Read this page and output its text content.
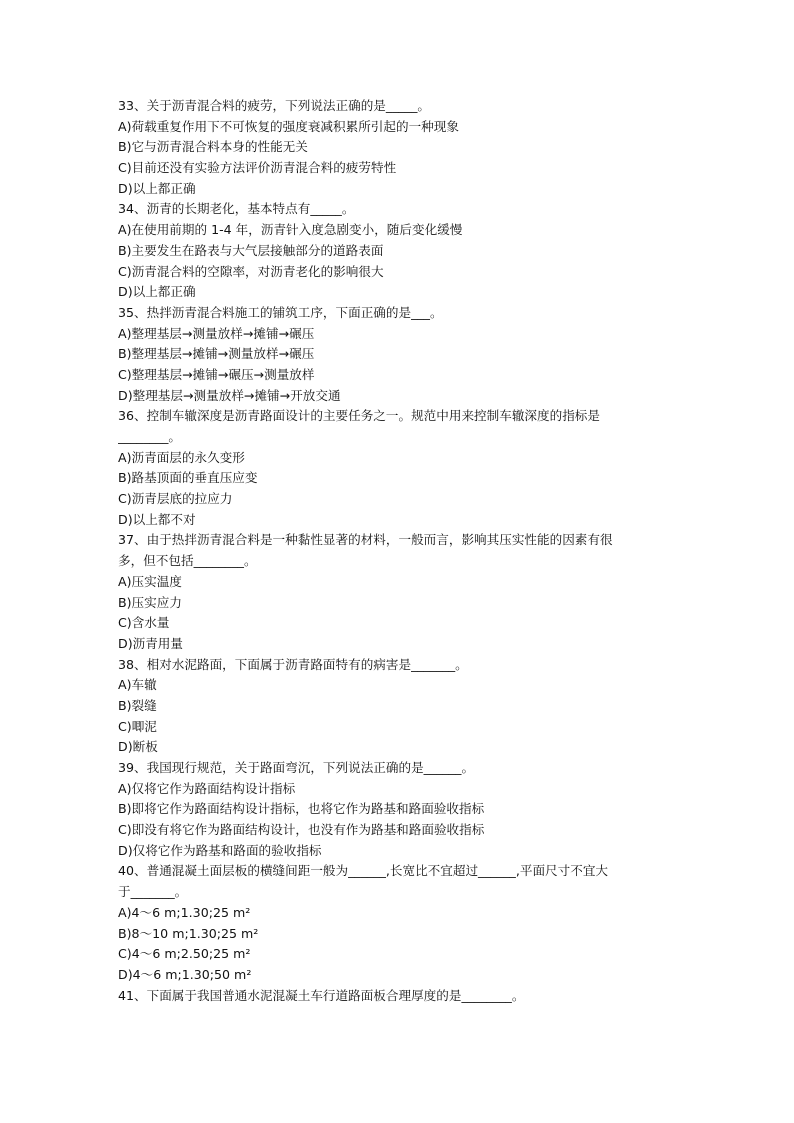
33、关于沥青混合料的疲劳，下列说法正确的是_____。
A)荷载重复作用下不可恢复的强度衰减积累所引起的一种现象
B)它与沥青混合料本身的性能无关
C)目前还没有实验方法评价沥青混合料的疲劳特性
D)以上都正确
34、沥青的长期老化，基本特点有_____。
A)在使用前期的 1-4 年，沥青针入度急剧变小，随后变化缓慢
B)主要发生在路表与大气层接触部分的道路表面
C)沥青混合料的空隙率，对沥青老化的影响很大
D)以上都正确
35、热拌沥青混合料施工的铺筑工序，下面正确的是___。
A)整理基层→测量放样→摊铺→碾压
B)整理基层→摊铺→测量放样→碾压
C)整理基层→摊铺→碾压→测量放样
D)整理基层→测量放样→摊铺→开放交通
36、控制车辙深度是沥青路面设计的主要任务之一。规范中用来控制车辙深度的指标是
________。
A)沥青面层的永久变形
B)路基顶面的垂直压应变
C)沥青层底的拉应力
D)以上都不对
37、由于热拌沥青混合料是一种黏性显著的材料，一般而言，影响其压实性能的因素有很
多，但不包括________。
A)压实温度
B)压实应力
C)含水量
D)沥青用量
38、相对水泥路面，下面属于沥青路面特有的病害是_______。
A)车辙
B)裂缝
C)唧泥
D)断板
39、我国现行规范，关于路面弯沉，下列说法正确的是______。
A)仅将它作为路面结构设计指标
B)即将它作为路面结构设计指标，也将它作为路基和路面验收指标
C)即没有将它作为路面结构设计，也没有作为路基和路面验收指标
D)仅将它作为路基和路面的验收指标
40、普通混凝土面层板的横缝间距一般为______,长宽比不宜超过______,平面尺寸不宜大
于_______。
A)4～6 m;1.30;25 m²
B)8～10 m;1.30;25 m²
C)4～6 m;2.50;25 m²
D)4～6 m;1.30;50 m²
41、下面属于我国普通水泥混凝土车行道路面板合理厚度的是________。
